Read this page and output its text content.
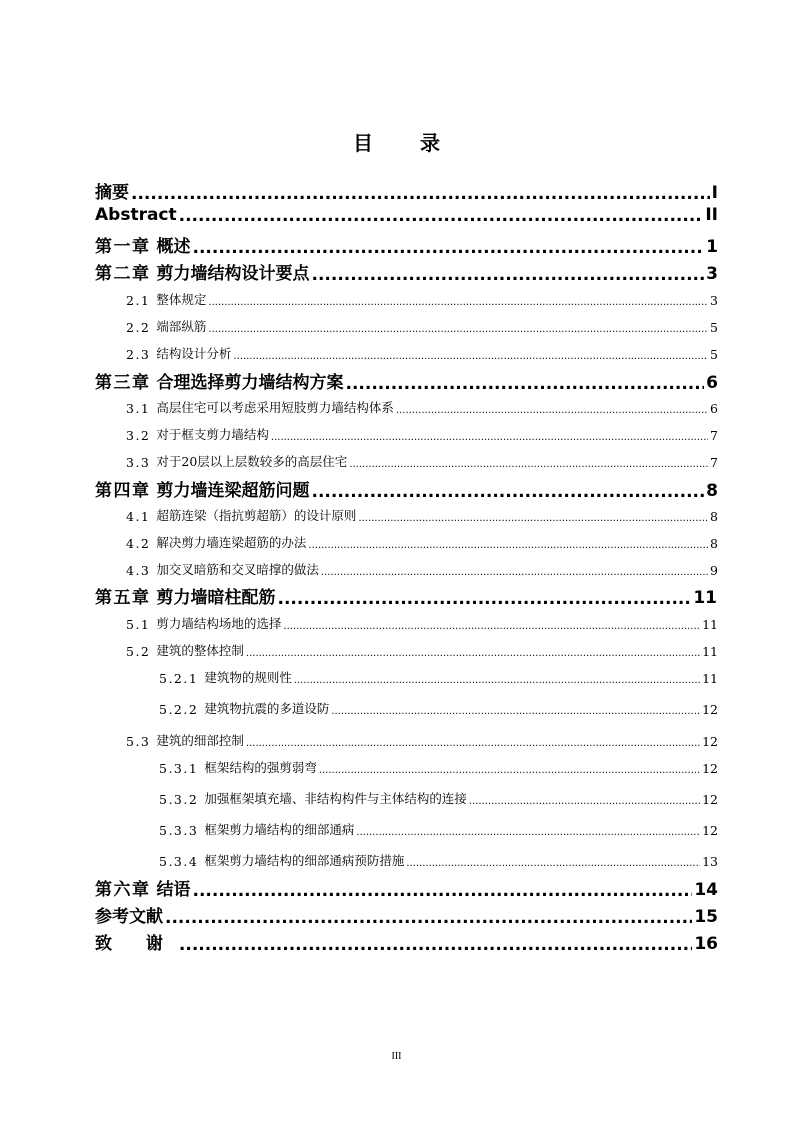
目 录
摘要 .....	I
Abstract .....	II
第一章 概述 .....	1
第二章 剪力墙结构设计要点 .....	3
2.1 整体规定 .....	3
2.2 端部纵筋 .....	5
2.3 结构设计分析 .....	5
第三章 合理选择剪力墙结构方案 .....	6
3.1 高层住宅可以考虑采用短肢剪力墙结构体系 .....	6
3.2 对于框支剪力墙结构 .....	7
3.3 对于20层以上层数较多的高层住宅 .....	7
第四章 剪力墙连梁超筋问题 .....	8
4.1 超筋连梁（指抗剪超筋）的设计原则 .....	8
4.2 解决剪力墙连梁超筋的办法 .....	8
4.3 加交叉暗筋和交叉暗撑的做法 .....	9
第五章 剪力墙暗柱配筋 .....	11
5.1 剪力墙结构场地的选择 .....	11
5.2 建筑的整体控制 .....	11
5.2.1 建筑物的规则性 .....	11
5.2.2 建筑物抗震的多道设防 .....	12
5.3 建筑的细部控制 .....	12
5.3.1 框架结构的强剪弱弯 .....	12
5.3.2 加强框架填充墙、非结构构件与主体结构的连接 .....	12
5.3.3 框架剪力墙结构的细部通病 .....	12
5.3.4 框架剪力墙结构的细部通病预防措施 .....	13
第六章 结语 .....	14
参考文献 .....	15
致 谢 .....	16
III
